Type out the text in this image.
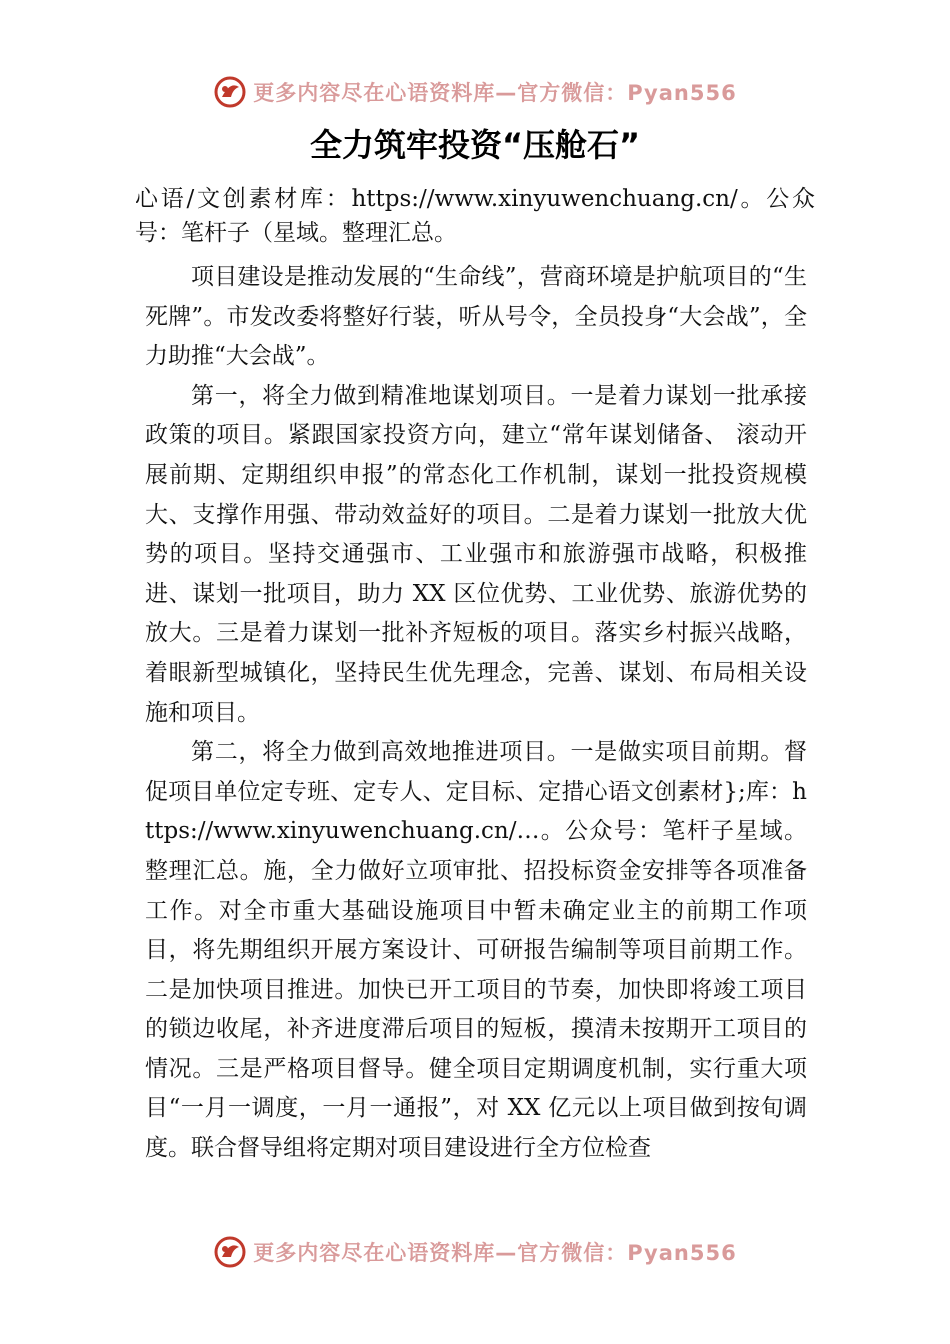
更多内容尽在心语资料库—官方微信：Pyan556
全力筑牢投资“压舱石”

心语/文创素材库：https://www.xinyuwenchuang.cn/。公众号：笔杆子（星域。整理汇总。

项目建设是推动发展的“生命线”，营商环境是护航项目的“生死牌”。市发改委将整好行装，听从号令，全员投身“大会战”，全力助推“大会战”。

第一，将全力做到精准地谋划项目。一是着力谋划一批承接政策的项目。紧跟国家投资方向，建立“常年谋划储备、 滚动开展前期、定期组织申报”的常态化工作机制，谋划一批投资规模大、支撑作用强、带动效益好的项目。二是着力谋划一批放大优势的项目。坚持交通强市、工业强市和旅游强市战略，积极推进、谋划一批项目，助力 XX 区位优势、工业优势、旅游优势的放大。三是着力谋划一批补齐短板的项目。落实乡村振兴战略，着眼新型城镇化，坚持民生优先理念，完善、谋划、布局相关设施和项目。

第二，将全力做到高效地推进项目。一是做实项目前期。督促项目单位定专班、定专人、定目标、定措心语文创素材};库：https://www.xinyuwenchuang.cn/…。公众号：笔杆子星域。整理汇总。施，全力做好立项审批、招投标资金安排等各项准备工作。对全市重大基础设施项目中暂未确定业主的前期工作项目，将先期组织开展方案设计、可研报告编制等项目前期工作。二是加快项目推进。加快已开工项目的节奏，加快即将竣工项目的锁边收尾，补齐进度滞后项目的短板，摸清未按期开工项目的情况。三是严格项目督导。健全项目定期调度机制，实行重大项目“一月一调度，一月一通报”，对 XX 亿元以上项目做到按旬调度。联合督导组将定期对项目建设进行全方位检查

更多内容尽在心语资料库—官方微信：Pyan556
